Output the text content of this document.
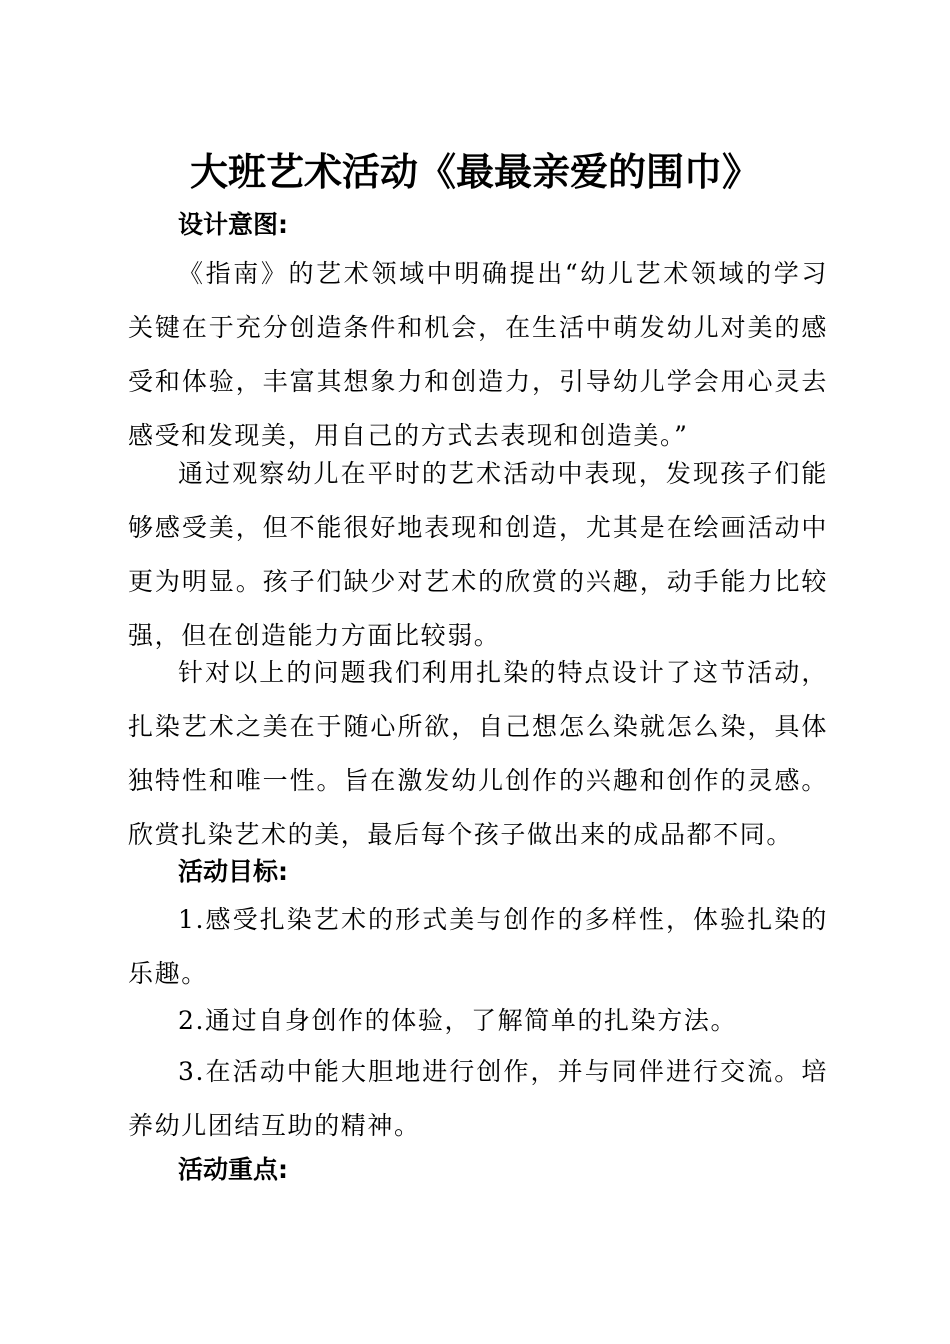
大班艺术活动《最最亲爱的围巾》
设计意图:

《指南》的艺术领域中明确提出“幼儿艺术领域的学习关键在于充分创造条件和机会，在生活中萌发幼儿对美的感受和体验，丰富其想象力和创造力，引导幼儿学会用心灵去感受和发现美，用自己的方式去表现和创造美。”

通过观察幼儿在平时的艺术活动中表现，发现孩子们能够感受美，但不能很好地表现和创造，尤其是在绘画活动中更为明显。孩子们缺少对艺术的欣赏的兴趣，动手能力比较强，但在创造能力方面比较弱。

针对以上的问题我们利用扎染的特点设计了这节活动，扎染艺术之美在于随心所欲，自己想怎么染就怎么染，具体独特性和唯一性。旨在激发幼儿创作的兴趣和创作的灵感。欣赏扎染艺术的美，最后每个孩子做出来的成品都不同。

活动目标:

1.感受扎染艺术的形式美与创作的多样性，体验扎染的乐趣。

2.通过自身创作的体验，了解简单的扎染方法。

3.在活动中能大胆地进行创作，并与同伴进行交流。培养幼儿团结互助的精神。

活动重点:
